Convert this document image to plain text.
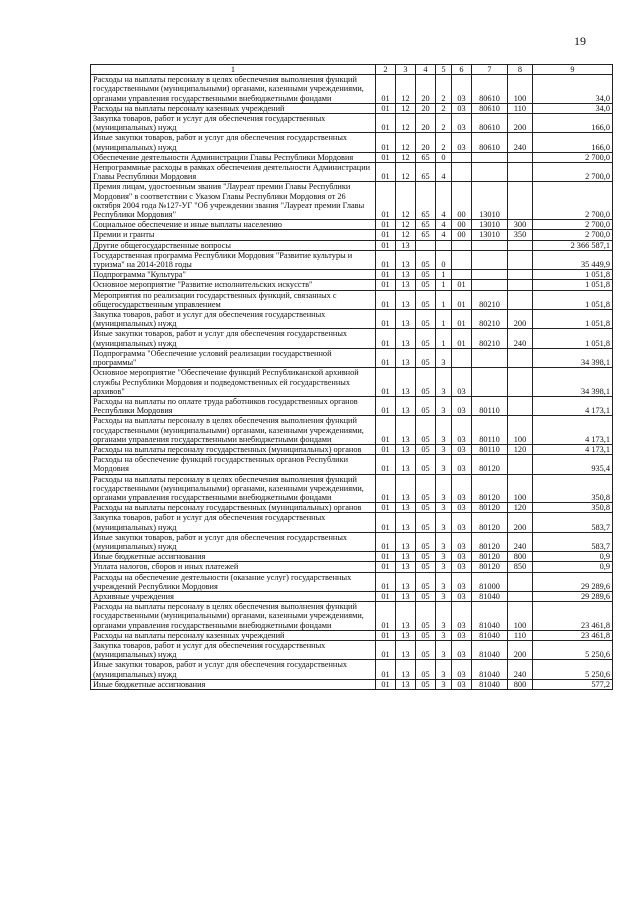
19
1	2	3	4	5	6	7	8	9
Расходы на выплаты персоналу в целях обеспечения выполнения функций государственными (муниципальными) органами, казенными учреждениями, органами управления государственными внебюджетными фондами	01	12	20	2	03	80610	100	34,0
Расходы на выплаты персоналу казенных учреждений	01	12	20	2	03	80610	110	34,0
Закупка товаров, работ и услуг для обеспечения государственных (муниципальных) нужд	01	12	20	2	03	80610	200	166,0
Иные закупки товаров, работ и услуг для обеспечения государственных (муниципальных) нужд	01	12	20	2	03	80610	240	166,0
Обеспечение деятельности Администрации Главы Республики Мордовия	01	12	65	0				2 700,0
Непрограммные расходы в рамках обеспечения деятельности Администрации Главы Республики Мордовия	01	12	65	4				2 700,0
Премия лицам, удостоенным звания "Лауреат премии Главы Республики Мордовия" в соответствии с Указом Главы Республики Мордовия от 26 октября 2004 года №127-УГ "Об учреждении звания "Лауреат премии Главы Республики Мордовия"	01	12	65	4	00	13010		2 700,0
Социальное обеспечение и иные выплаты населению	01	12	65	4	00	13010	300	2 700,0
Премии и гранты	01	12	65	4	00	13010	350	2 700,0
Другие общегосударственные вопросы	01	13						2 366 587,1
Государственная программа Республики Мордовия "Развитие культуры и туризма" на 2014-2018 годы	01	13	05	0				35 449,9
Подпрограмма "Культура"	01	13	05	1				1 051,8
Основное мероприятие "Развитие исполнительских искусств"	01	13	05	1	01			1 051,8
Мероприятия по реализации государственных функций, связанных с общегосударственным управлением	01	13	05	1	01	80210		1 051,8
Закупка товаров, работ и услуг для обеспечения государственных (муниципальных) нужд	01	13	05	1	01	80210	200	1 051,8
Иные закупки товаров, работ и услуг для обеспечения государственных (муниципальных) нужд	01	13	05	1	01	80210	240	1 051,8
Подпрограмма "Обеспечение условий реализации государственной программы"	01	13	05	3				34 398,1
Основное мероприятие "Обеспечение функций Республиканской архивной службы Республики Мордовия и подведомственных ей государственных архивов"	01	13	05	3	03			34 398,1
Расходы на выплаты по оплате труда работников государственных органов Республики Мордовия	01	13	05	3	03	80110		4 173,1
Расходы на выплаты персоналу в целях обеспечения выполнения функций государственными (муниципальными) органами, казенными учреждениями, органами управления государственными внебюджетными фондами	01	13	05	3	03	80110	100	4 173,1
Расходы на выплаты персоналу государственных (муниципальных) органов	01	13	05	3	03	80110	120	4 173,1
Расходы на обеспечение функций государственных органов Республики Мордовия	01	13	05	3	03	80120		935,4
Расходы на выплаты персоналу в целях обеспечения выполнения функций государственными (муниципальными) органами, казенными учреждениями, органами управления государственными внебюджетными фондами	01	13	05	3	03	80120	100	350,8
Расходы на выплаты персоналу государственных (муниципальных) органов	01	13	05	3	03	80120	120	350,8
Закупка товаров, работ и услуг для обеспечения государственных (муниципальных) нужд	01	13	05	3	03	80120	200	583,7
Иные закупки товаров, работ и услуг для обеспечения государственных (муниципальных) нужд	01	13	05	3	03	80120	240	583,7
Иные бюджетные ассигнования	01	13	05	3	03	80120	800	0,9
Уплата налогов, сборов и иных платежей	01	13	05	3	03	80120	850	0,9
Расходы на обеспечение деятельности (оказание услуг) государственных учреждений Республики Мордовия	01	13	05	3	03	81000		29 289,6
Архивные учреждения	01	13	05	3	03	81040		29 289,6
Расходы на выплаты персоналу в целях обеспечения выполнения функций государственными (муниципальными) органами, казенными учреждениями, органами управления государственными внебюджетными фондами	01	13	05	3	03	81040	100	23 461,8
Расходы на выплаты персоналу казенных учреждений	01	13	05	3	03	81040	110	23 461,8
Закупка товаров, работ и услуг для обеспечения государственных (муниципальных) нужд	01	13	05	3	03	81040	200	5 250,6
Иные закупки товаров, работ и услуг для обеспечения государственных (муниципальных) нужд	01	13	05	3	03	81040	240	5 250,6
Иные бюджетные ассигнования	01	13	05	3	03	81040	800	577,2
